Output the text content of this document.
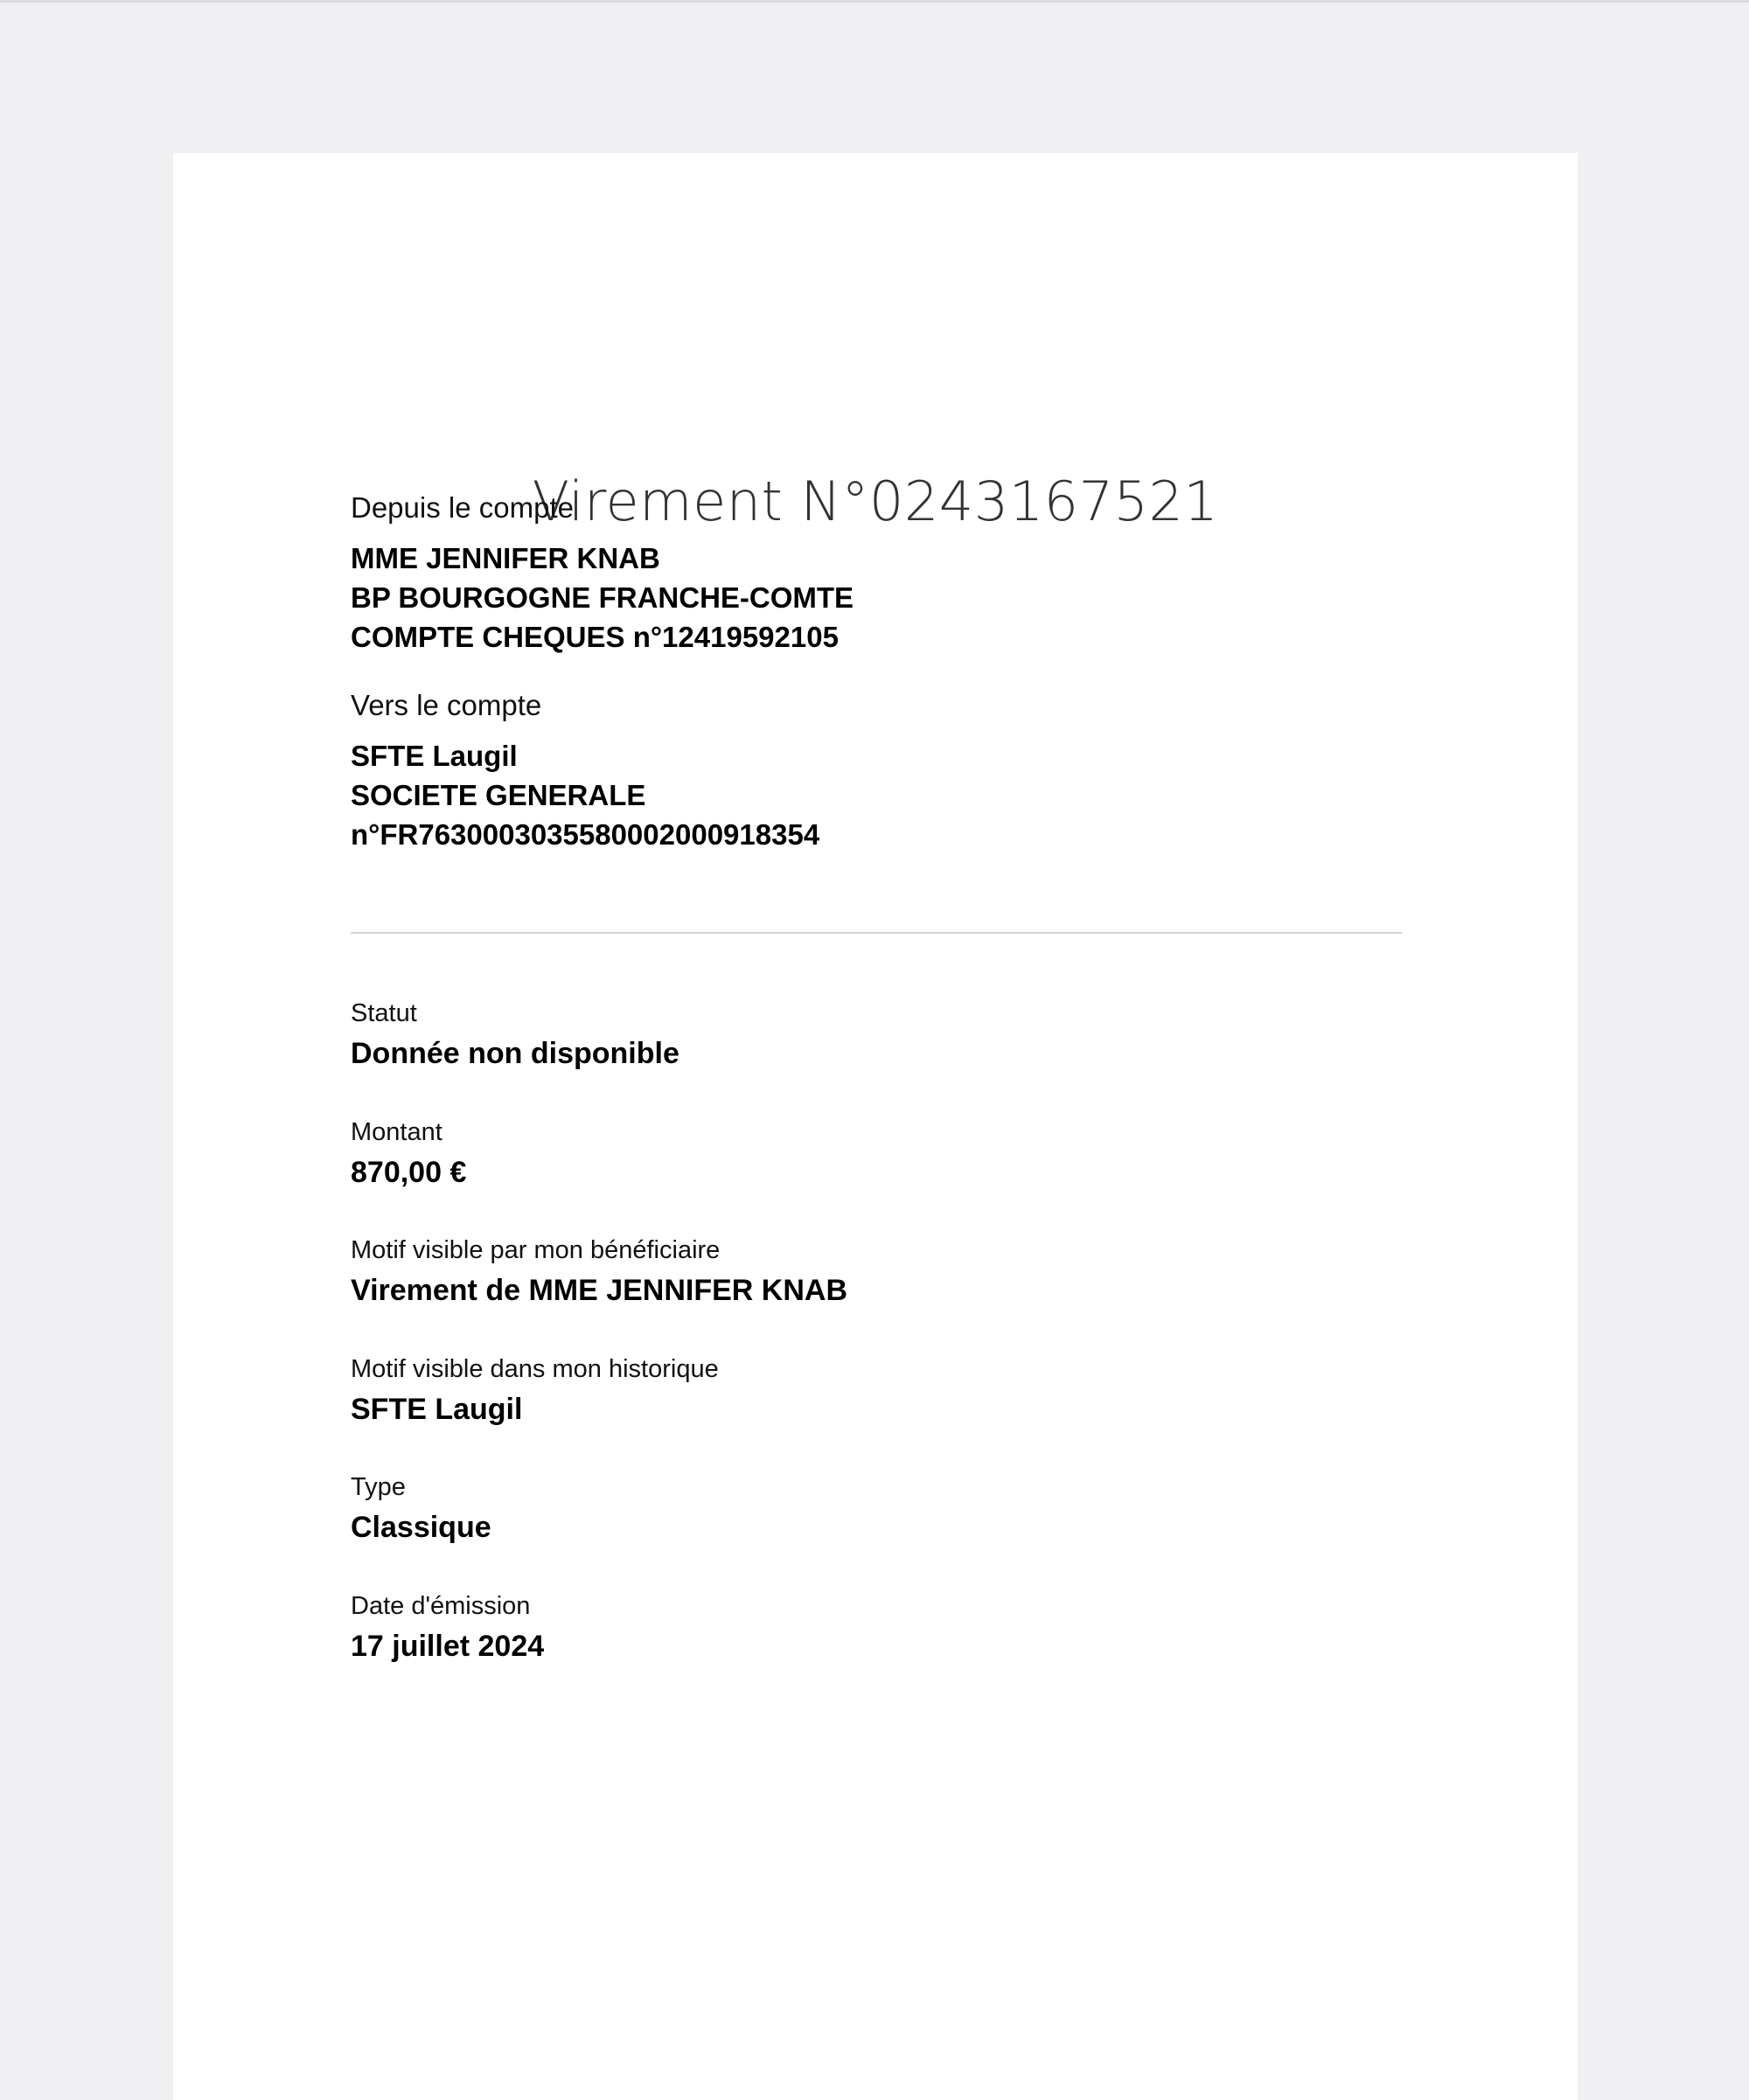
Virement N°0243167521
Depuis le compte
MME JENNIFER KNAB
BP BOURGOGNE FRANCHE-COMTE
COMPTE CHEQUES n°12419592105
Vers le compte
SFTE Laugil
SOCIETE GENERALE
n°FR7630003035580002000918354
Statut
Donnée non disponible
Montant
870,00 €
Motif visible par mon bénéficiaire
Virement de MME JENNIFER KNAB
Motif visible dans mon historique
SFTE Laugil
Type
Classique
Date d'émission
17 juillet 2024
